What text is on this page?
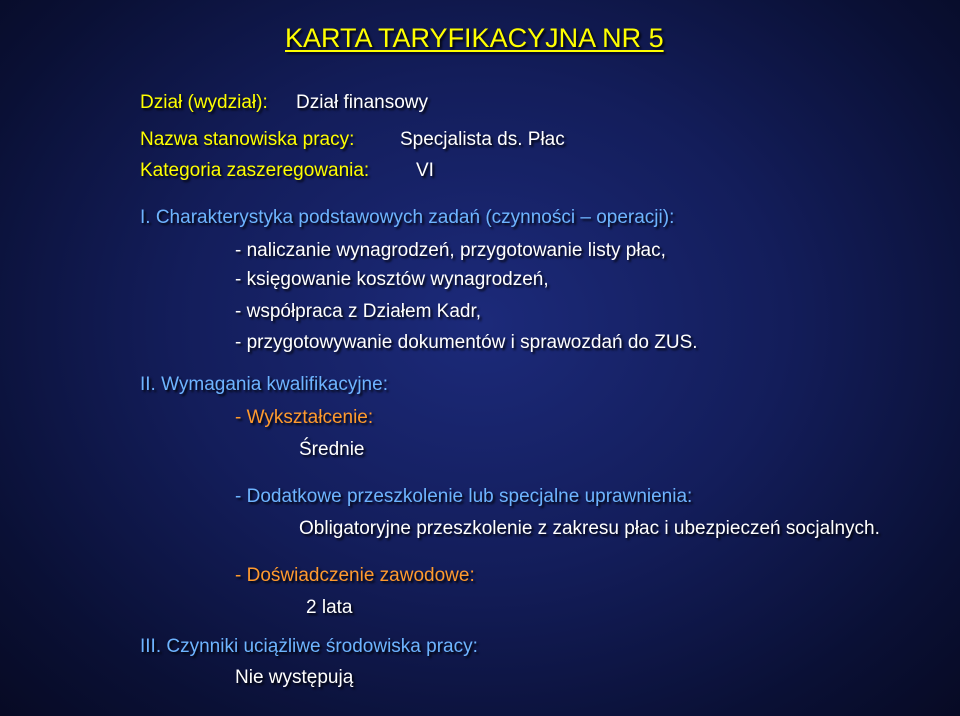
KARTA TARYFIKACYJNA NR 5
Dział (wydział): Dział finansowy
Nazwa stanowiska pracy: Specjalista ds. Płac
Kategoria zaszeregowania: VI
I. Charakterystyka podstawowych zadań (czynności – operacji):
- naliczanie wynagrodzeń, przygotowanie listy płac,
- księgowanie kosztów wynagrodzeń,
- współpraca z Działem Kadr,
- przygotowywanie dokumentów i sprawozdań do ZUS.
II. Wymagania kwalifikacyjne:
- Wykształcenie:
Średnie
- Dodatkowe przeszkolenie lub specjalne uprawnienia:
Obligatoryjne przeszkolenie z zakresu płac i ubezpieczeń socjalnych.
- Doświadczenie zawodowe:
2 lata
III. Czynniki uciążliwe środowiska pracy:
Nie występują
